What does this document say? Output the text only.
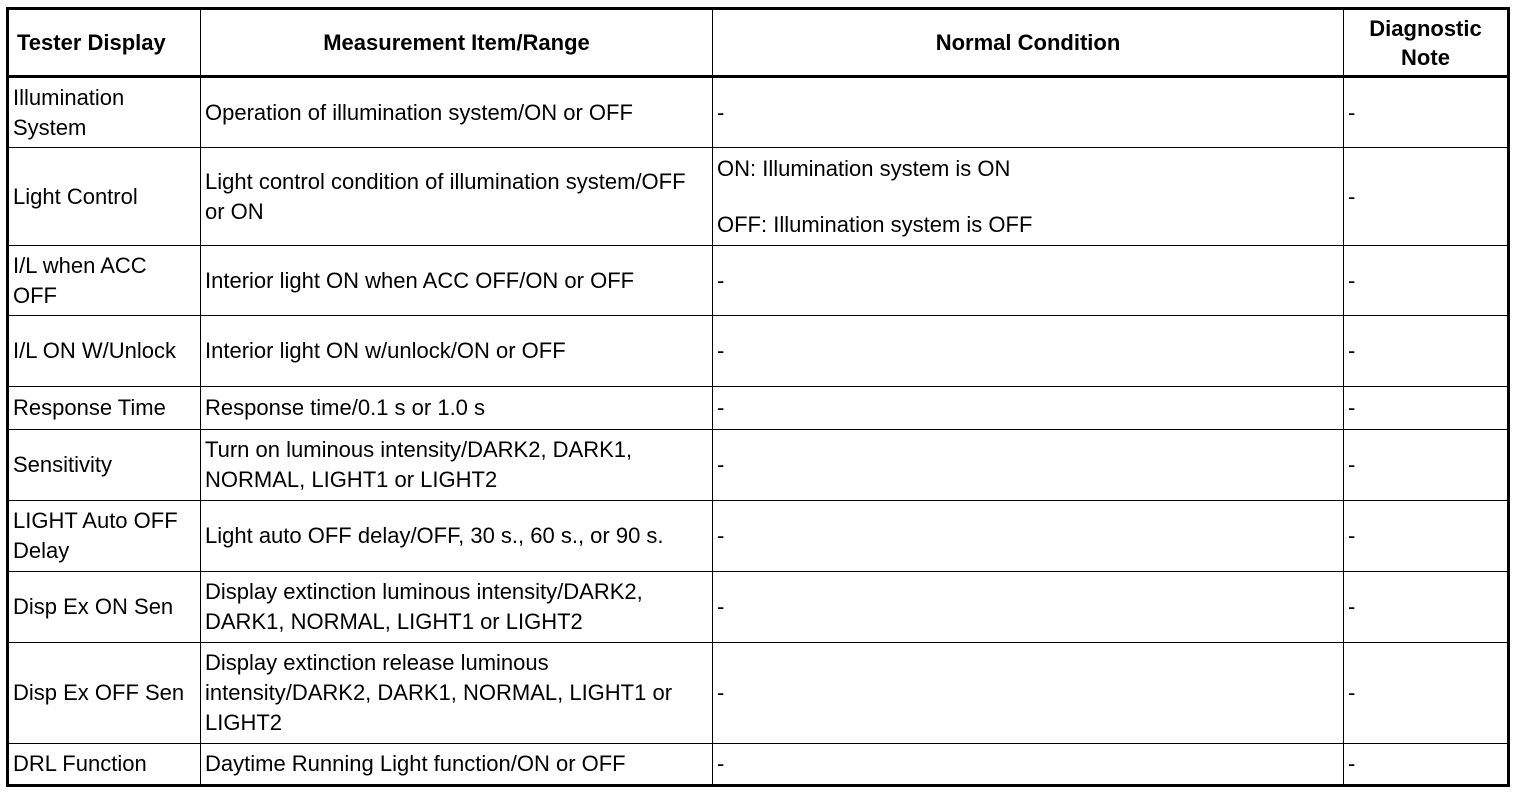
Tester Display	Measurement Item/Range	Normal Condition	Diagnostic Note
Illumination System	Operation of illumination system/ON or OFF	-	-
Light Control	Light control condition of illumination system/OFF or ON	ON: Illumination system is ON
OFF: Illumination system is OFF	-
I/L when ACC OFF	Interior light ON when ACC OFF/ON or OFF	-	-
I/L ON W/Unlock	Interior light ON w/unlock/ON or OFF	-	-
Response Time	Response time/0.1 s or 1.0 s	-	-
Sensitivity	Turn on luminous intensity/DARK2, DARK1, NORMAL, LIGHT1 or LIGHT2	-	-
LIGHT Auto OFF Delay	Light auto OFF delay/OFF, 30 s., 60 s., or 90 s.	-	-
Disp Ex ON Sen	Display extinction luminous intensity/DARK2, DARK1, NORMAL, LIGHT1 or LIGHT2	-	-
Disp Ex OFF Sen	Display extinction release luminous intensity/DARK2, DARK1, NORMAL, LIGHT1 or LIGHT2	-	-
DRL Function	Daytime Running Light function/ON or OFF	-	-
